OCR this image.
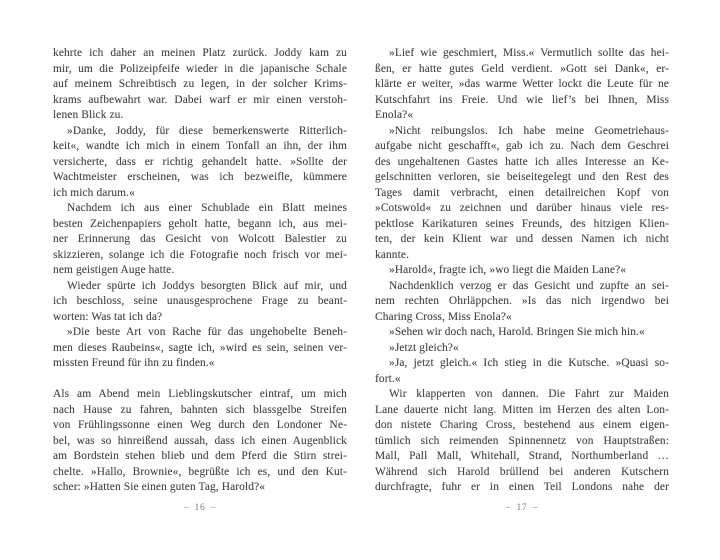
kehrte ich daher an meinen Platz zurück. Joddy kam zu
mir, um die Polizeipfeife wieder in die japanische Schale
auf meinem Schreibtisch zu legen, in der solcher Krims-
krams aufbewahrt war. Dabei warf er mir einen verstoh-
lenen Blick zu.
»Danke, Joddy, für diese bemerkenswerte Ritterlich-
keit«, wandte ich mich in einem Tonfall an ihn, der ihm
versicherte, dass er richtig gehandelt hatte. »Sollte der
Wachtmeister erscheinen, was ich bezweifle, kümmere
ich mich darum.«
Nachdem ich aus einer Schublade ein Blatt meines
besten Zeichenpapiers geholt hatte, begann ich, aus mei-
ner Erinnerung das Gesicht von Wolcott Balestier zu
skizzieren, solange ich die Fotografie noch frisch vor mei-
nem geistigen Auge hatte.
Wieder spürte ich Joddys besorgten Blick auf mir, und
ich beschloss, seine unausgesprochene Frage zu beant-
worten: Was tat ich da?
»Die beste Art von Rache für das ungehobelte Beneh-
men dieses Raubeins«, sagte ich, »wird es sein, seinen ver-
missten Freund für ihn zu finden.«
Als am Abend mein Lieblingskutscher eintraf, um mich
nach Hause zu fahren, bahnten sich blassgelbe Streifen
von Frühlingssonne einen Weg durch den Londoner Ne-
bel, was so hinreißend aussah, dass ich einen Augenblick
am Bordstein stehen blieb und dem Pferd die Stirn strei-
chelte. »Hallo, Brownie«, begrüßte ich es, und den Kut-
scher: »Hatten Sie einen guten Tag, Harold?«
– 16 –
»Lief wie geschmiert, Miss.« Vermutlich sollte das hei-
ßen, er hatte gutes Geld verdient. »Gott sei Dank«, er-
klärte er weiter, »das warme Wetter lockt die Leute für ne
Kutschfahrt ins Freie. Und wie lief’s bei Ihnen, Miss
Enola?«
»Nicht reibungslos. Ich habe meine Geometriehaus-
aufgabe nicht geschafft«, gab ich zu. Nach dem Geschrei
des ungehaltenen Gastes hatte ich alles Interesse an Ke-
gelschnitten verloren, sie beiseitegelegt und den Rest des
Tages damit verbracht, einen detailreichen Kopf von
»Cotswold« zu zeichnen und darüber hinaus viele res-
pektlose Karikaturen seines Freunds, des hitzigen Klien-
ten, der kein Klient war und dessen Namen ich nicht
kannte.
»Harold«, fragte ich, »wo liegt die Maiden Lane?«
Nachdenklich verzog er das Gesicht und zupfte an sei-
nem rechten Ohrläppchen. »Is das nich irgendwo bei
Charing Cross, Miss Enola?«
»Sehen wir doch nach, Harold. Bringen Sie mich hin.«
»Jetzt gleich?«
»Ja, jetzt gleich.« Ich stieg in die Kutsche. »Quasi so-
fort.«
Wir klapperten von dannen. Die Fahrt zur Maiden
Lane dauerte nicht lang. Mitten im Herzen des alten Lon-
don nistete Charing Cross, bestehend aus einem eigen-
tümlich sich reimenden Spinnennetz von Hauptstraßen:
Mall, Pall Mall, Whitehall, Strand, Northumberland …
Während sich Harold brüllend bei anderen Kutschern
durchfragte, fuhr er in einen Teil Londons nahe der
– 17 –
